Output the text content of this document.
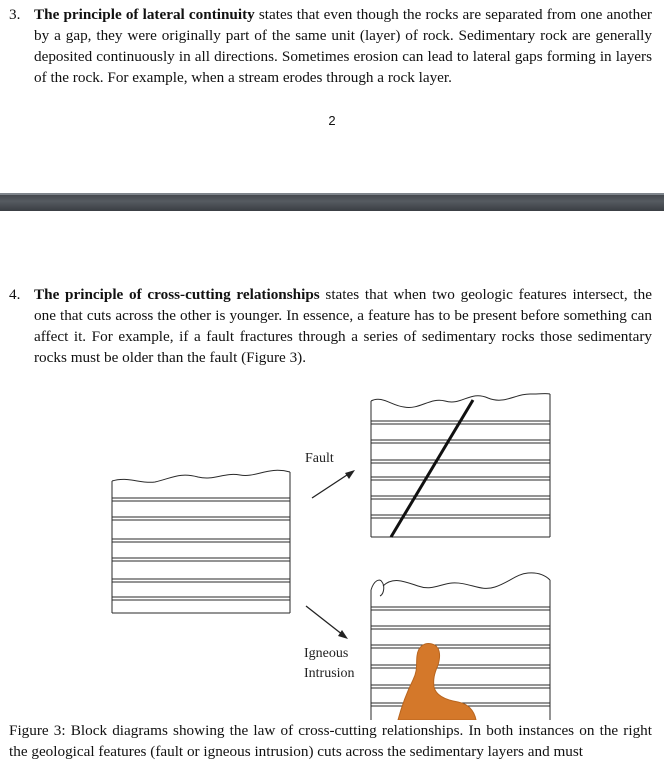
3. The principle of lateral continuity states that even though the rocks are separated from one another by a gap, they were originally part of the same unit (layer) of rock. Sedimentary rock are generally deposited continuously in all directions. Sometimes erosion can lead to lateral gaps forming in layers of the rock. For example, when a stream erodes through a rock layer.
2
4. The principle of cross-cutting relationships states that when two geologic features intersect, the one that cuts across the other is younger. In essence, a feature has to be present before something can affect it. For example, if a fault fractures through a series of sedimentary rocks those sedimentary rocks must be older than the fault (Figure 3).
Fault
Igneous
Intrusion
Figure 3: Block diagrams showing the law of cross-cutting relationships. In both instances on the right the geological features (fault or igneous intrusion) cuts across the sedimentary layers and must
